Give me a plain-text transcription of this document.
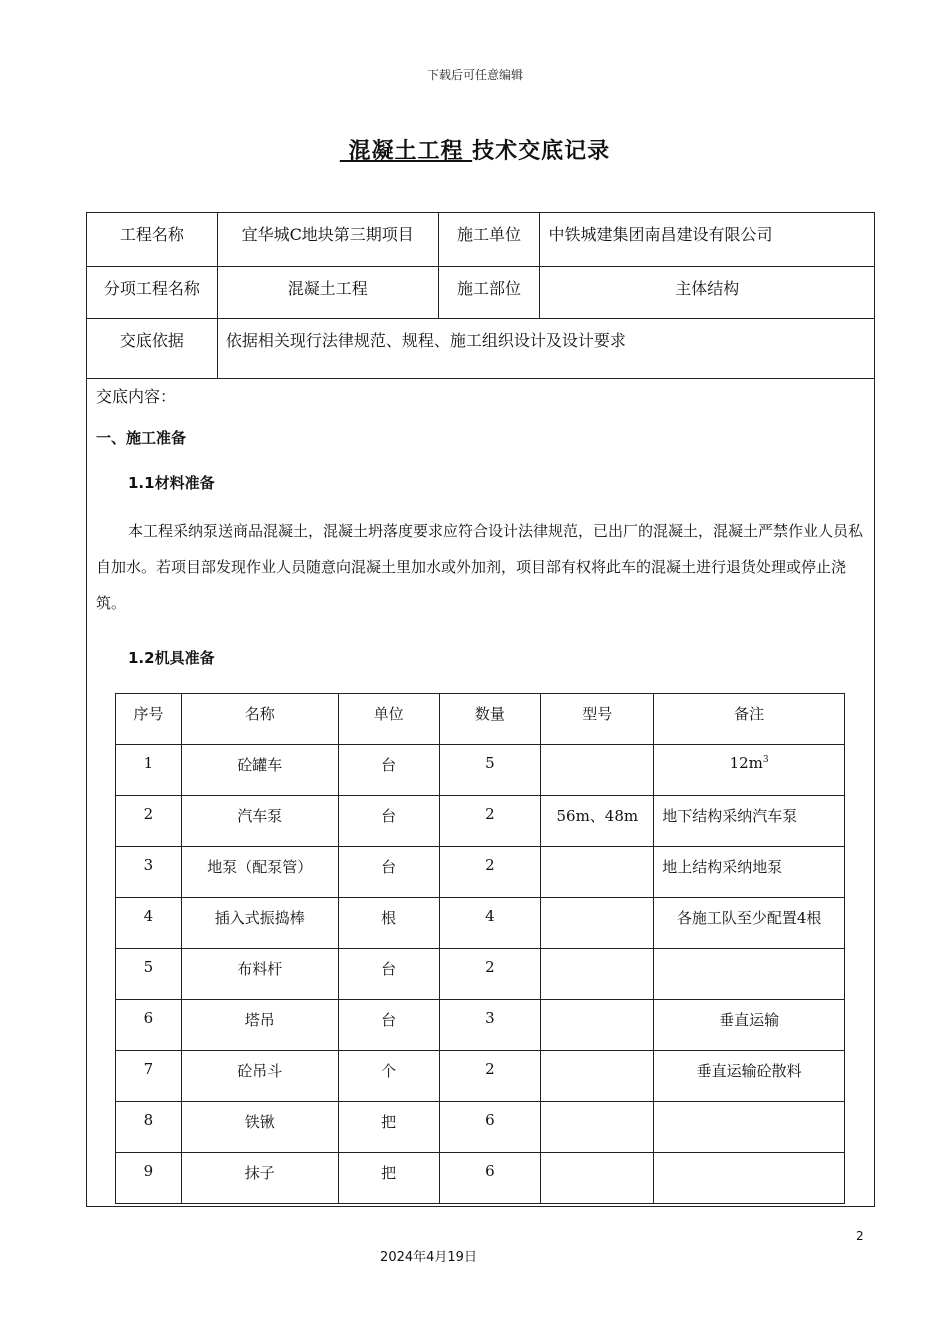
下载后可任意编辑
混凝土工程 技术交底记录
工程名称	宜华城C地块第三期项目	施工单位	中铁城建集团南昌建设有限公司
分项工程名称	混凝土工程	施工部位	主体结构
交底依据	依据相关现行法律规范、规程、施工组织设计及设计要求		
交底内容：
一、施工准备
1.1材料准备
本工程采纳泵送商品混凝土，混凝土坍落度要求应符合设计法律规范，已出厂的混凝土，混凝土严禁作业人员私自加水。若项目部发现作业人员随意向混凝土里加水或外加剂，项目部有权将此车的混凝土进行退货处理或停止浇筑。
1.2机具准备
序号	名称	单位	数量	型号	备注
1	砼罐车	台	5		$12m^3$
2	汽车泵	台	2	56m、48m	地下结构采纳汽车泵
3	地泵（配泵管）	台	2		地上结构采纳地泵
4	插入式振捣棒	根	4		各施工队至少配置4根
5	布料杆	台	2		
6	塔吊	台	3		垂直运输
7	砼吊斗	个	2		垂直运输砼散料
8	铁锹	把	6		
9	抹子	把	6		
2
2024年4月19日
